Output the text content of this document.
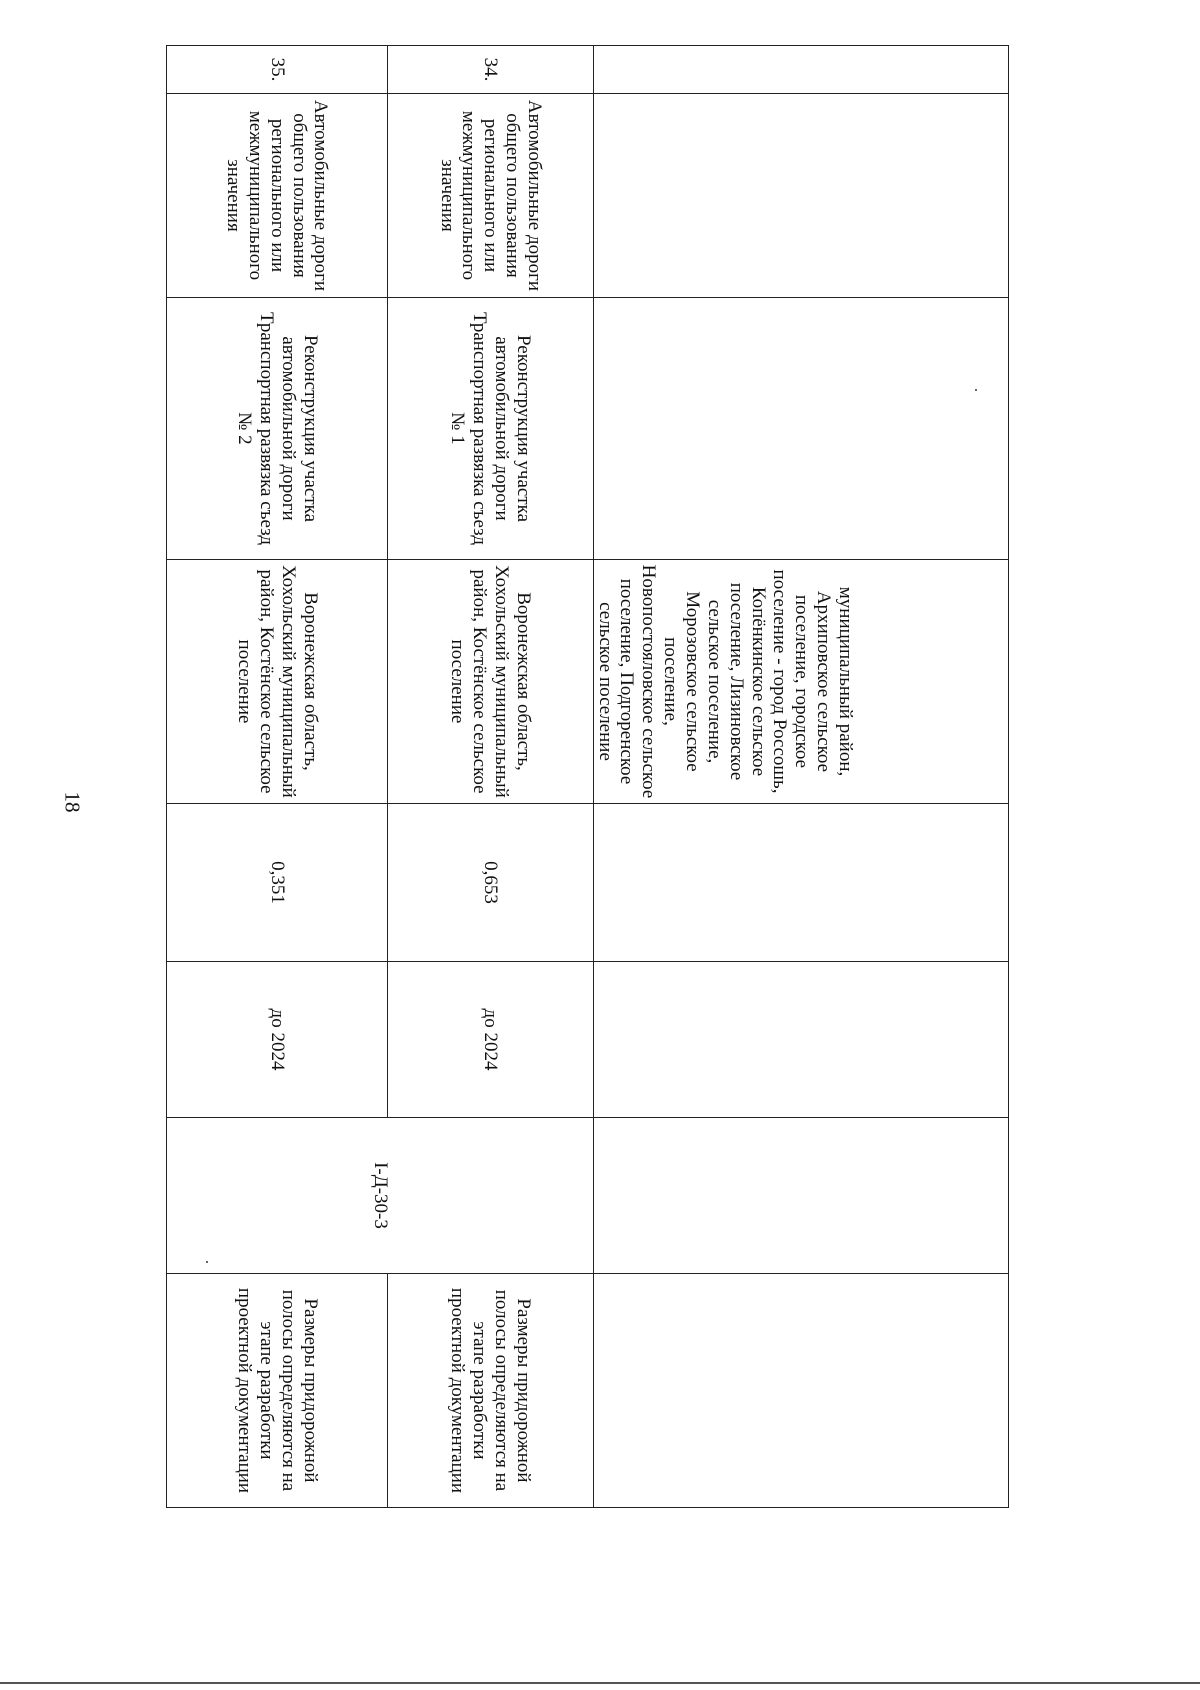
18
			муниципальный район, Архиповское сельское поселение, городское поселение - город Россошь, Копёнкинское сельское поселение, Лизиновское сельское поселение, Морозовское сельское поселение, Новопостояловское сельское поселение, Подгоренское сельское поселение				
34.	Автомобильные дороги общего пользования регионального или межмуниципального значения	Реконструкция участка автомобильной дороги Транспортная развязка съезд № 1	Воронежская область, Хохольский муниципальный район, Костёнское сельское поселение	0,653	до 2024	I-Д-30-3	Размеры придорожной полосы определяются на этапе разработки проектной документации
35.	Автомобильные дороги общего пользования регионального или межмуниципального значения	Реконструкция участка автомобильной дороги Транспортная развязка съезд № 2	Воронежская область, Хохольский муниципальный район, Костёнское сельское поселение	0,351	до 2024		Размеры придорожной полосы определяются на этапе разработки проектной документации
